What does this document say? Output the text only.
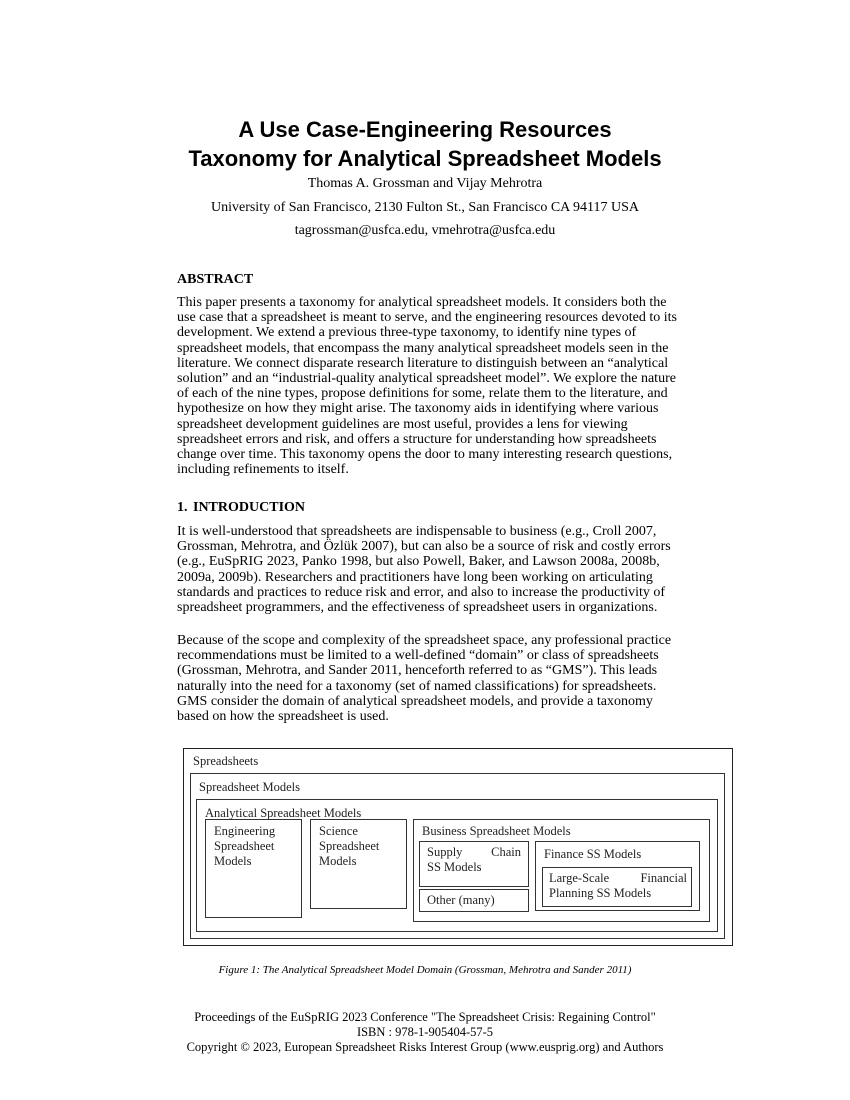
A Use Case-Engineering Resources
Taxonomy for Analytical Spreadsheet Models
Thomas A. Grossman and Vijay Mehrotra
University of San Francisco, 2130 Fulton St., San Francisco CA 94117 USA
tagrossman@usfca.edu, vmehrotra@usfca.edu
ABSTRACT

This paper presents a taxonomy for analytical spreadsheet models. It considers both the use case that a spreadsheet is meant to serve, and the engineering resources devoted to its development. We extend a previous three-type taxonomy, to identify nine types of spreadsheet models, that encompass the many analytical spreadsheet models seen in the literature. We connect disparate research literature to distinguish between an “analytical solution” and an “industrial-quality analytical spreadsheet model”. We explore the nature of each of the nine types, propose definitions for some, relate them to the literature, and hypothesize on how they might arise. The taxonomy aids in identifying where various spreadsheet development guidelines are most useful, provides a lens for viewing spreadsheet errors and risk, and offers a structure for understanding how spreadsheets change over time. This taxonomy opens the door to many interesting research questions, including refinements to itself.

1. INTRODUCTION

It is well-understood that spreadsheets are indispensable to business (e.g., Croll 2007, Grossman, Mehrotra, and Özlük 2007), but can also be a source of risk and costly errors (e.g., EuSpRIG 2023, Panko 1998, but also Powell, Baker, and Lawson 2008a, 2008b, 2009a, 2009b). Researchers and practitioners have long been working on articulating standards and practices to reduce risk and error, and also to increase the productivity of spreadsheet programmers, and the effectiveness of spreadsheet users in organizations.

Because of the scope and complexity of the spreadsheet space, any professional practice recommendations must be limited to a well-defined “domain” or class of spreadsheets (Grossman, Mehrotra, and Sander 2011, henceforth referred to as “GMS”). This leads naturally into the need for a taxonomy (set of named classifications) for spreadsheets. GMS consider the domain of analytical spreadsheet models, and provide a taxonomy based on how the spreadsheet is used.

Spreadsheets
Spreadsheet Models
Analytical Spreadsheet Models
Engineering
Spreadsheet
Models
Science
Spreadsheet
Models
Business Spreadsheet Models
Supply Chain
SS Models
Other (many)
Finance SS Models
Large-Scale	Financial
Planning SS Models
Figure 1: The Analytical Spreadsheet Model Domain (Grossman, Mehrotra and Sander 2011)
Proceedings of the EuSpRIG 2023 Conference "The Spreadsheet Crisis: Regaining Control"
ISBN : 978-1-905404-57-5
Copyright © 2023, European Spreadsheet Risks Interest Group (www.eusprig.org) and Authors
